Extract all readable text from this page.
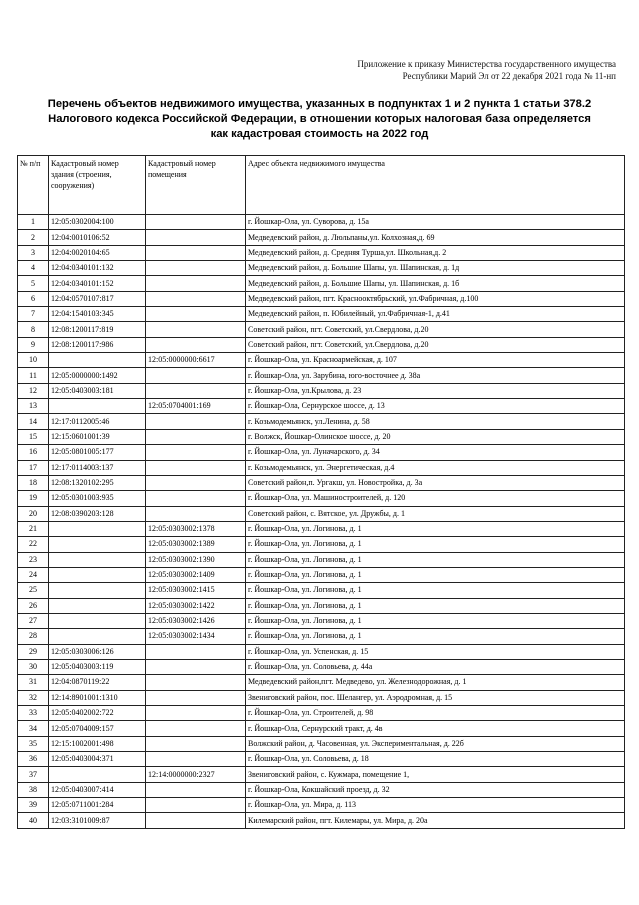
Приложение к приказу Министерства государственного имущества
Республики Марий Эл от 22 декабря 2021 года № 11-нп
Перечень объектов недвижимого имущества, указанных в подпунктах 1 и 2 пункта 1 статьи 378.2
Налогового кодекса Российской Федерации, в отношении которых налоговая база определяется
как кадастровая стоимость на 2022 год
№ п/п	Кадастровый номер здания (строения, сооружения)	Кадастровый номер помещения	Адрес объекта недвижимого имущества
1	12:05:0302004:100		г. Йошкар-Ола, ул. Суворова, д. 15а
2	12:04:0010106:52		Медведевский район, д. Люльпаны,ул. Колхозная,д. 69
3	12:04:0020104:65		Медведевский район, д. Средняя Турша,ул. Школьная,д. 2
4	12:04:0340101:132		Медведевский район, д. Большие Шапы, ул. Шапинская, д. 1д
5	12:04:0340101:152		Медведевский район, д. Большие Шапы, ул. Шапинская, д. 1б
6	12:04:0570107:817		Медведевский район, пгт. Краснооктябрьский, ул.Фабричная, д.100
7	12:04:1540103:345		Медведевский район, п. Юбилейный, ул.Фабричная-1, д.41
8	12:08:1200117:819		Советский район, пгт. Советский, ул.Свердлова, д.20
9	12:08:1200117:986		Советский район, пгт. Советский, ул.Свердлова, д.20
10		12:05:0000000:6617	г. Йошкар-Ола, ул. Красноармейская, д. 107
11	12:05:0000000:1492		г. Йошкар-Ола, ул. Зарубина, юго-восточнее д. 38а
12	12:05:0403003:181		г. Йошкар-Ола, ул.Крылова, д. 23
13		12:05:0704001:169	г. Йошкар-Ола, Сернурское шоссе, д. 13
14	12:17:0112005:46		г. Козьмодемьянск, ул.Ленина, д. 58
15	12:15:0601001:39		г. Волжск, Йошкар-Олинское шоссе, д. 20
16	12:05:0801005:177		г. Йошкар-Ола, ул. Луначарского, д. 34
17	12:17:0114003:137		г. Козьмодемьянск, ул. Энергетическая, д.4
18	12:08:1320102:295		Советский район,п. Ургакш, ул. Новостройка, д. 3а
19	12:05:0301003:935		г. Йошкар-Ола, ул. Машиностроителей, д. 120
20	12:08:0390203:128		Советский район, с. Вятское, ул. Дружбы, д. 1
21		12:05:0303002:1378	г. Йошкар-Ола, ул. Логинова, д. 1
22		12:05:0303002:1389	г. Йошкар-Ола, ул. Логинова, д. 1
23		12:05:0303002:1390	г. Йошкар-Ола, ул. Логинова, д. 1
24		12:05:0303002:1409	г. Йошкар-Ола, ул. Логинова, д. 1
25		12:05:0303002:1415	г. Йошкар-Ола, ул. Логинова, д. 1
26		12:05:0303002:1422	г. Йошкар-Ола, ул. Логинова, д. 1
27		12:05:0303002:1426	г. Йошкар-Ола, ул. Логинова, д. 1
28		12:05:0303002:1434	г. Йошкар-Ола, ул. Логинова, д. 1
29	12:05:0303006:126		г. Йошкар-Ола, ул. Успенская, д. 15
30	12:05:0403003:119		г. Йошкар-Ола, ул. Соловьева, д. 44а
31	12:04:0870119:22		Медведевский район,пгт. Медведево, ул. Железнодорожная, д. 1
32	12:14:8901001:1310		Звениговский район, пос. Шелангер, ул. Аэродромная, д. 15
33	12:05:0402002:722		г. Йошкар-Ола, ул. Строителей, д. 98
34	12:05:0704009:157		г. Йошкар-Ола, Сернурский тракт, д. 4в
35	12:15:1002001:498		Волжский район, д. Часовенная, ул. Экспериментальная, д. 22б
36	12:05:0403004:371		г. Йошкар-Ола, ул. Соловьева, д. 18
37		12:14:0000000:2327	Звениговский район, с. Кужмара, помещение 1,
38	12:05:0403007:414		г. Йошкар-Ола, Кокшайский проезд, д. 32
39	12:05:0711001:284		г. Йошкар-Ола, ул. Мира, д. 113
40	12:03:3101009:87		Килемарский район, пгт. Килемары, ул. Мира, д. 20а
